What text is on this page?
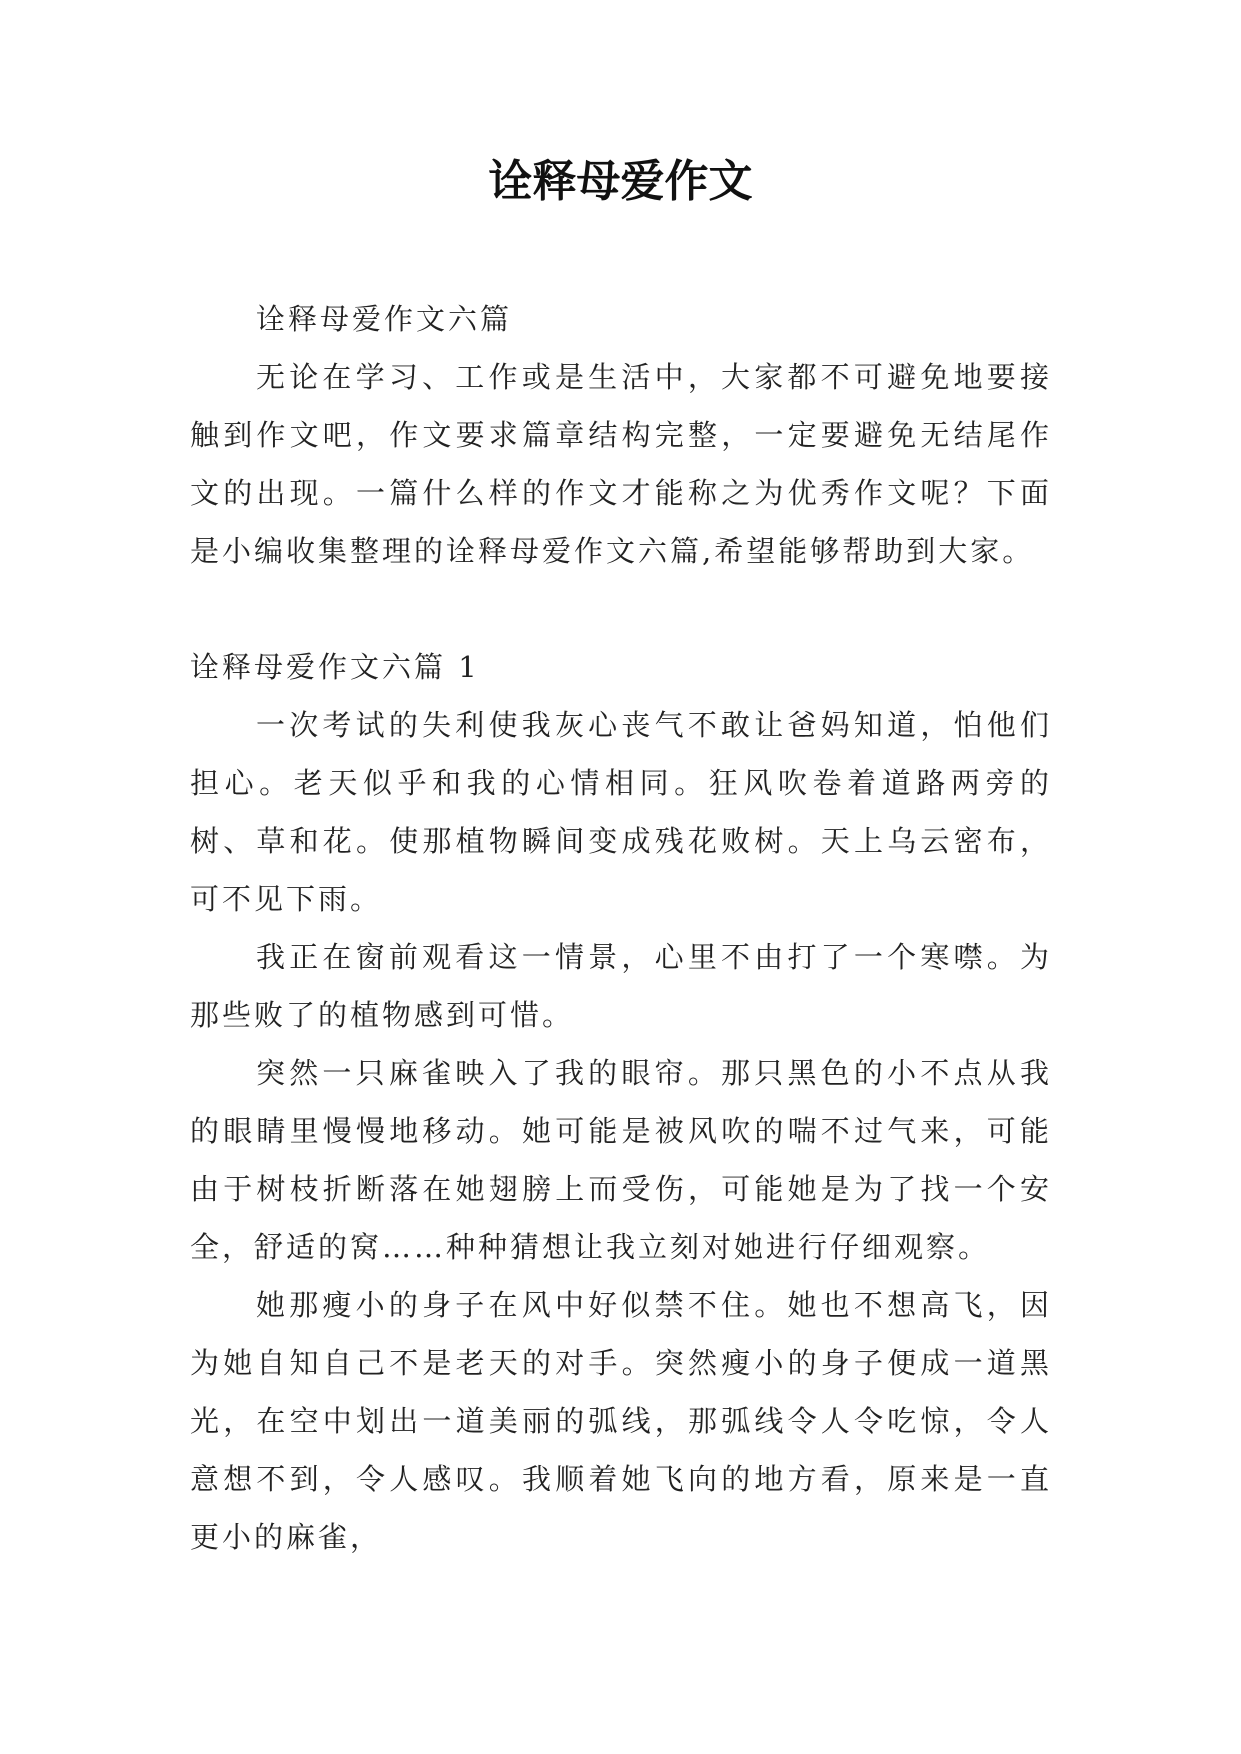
诠释母爱作文

诠释母爱作文六篇

无论在学习、工作或是生活中，大家都不可避免地要接触到作文吧，作文要求篇章结构完整，一定要避免无结尾作文的出现。一篇什么样的作文才能称之为优秀作文呢？下面是小编收集整理的诠释母爱作文六篇,希望能够帮助到大家。

诠释母爱作文六篇 1

一次考试的失利使我灰心丧气不敢让爸妈知道，怕他们担心。老天似乎和我的心情相同。狂风吹卷着道路两旁的树、草和花。使那植物瞬间变成残花败树。天上乌云密布，可不见下雨。

我正在窗前观看这一情景，心里不由打了一个寒噤。为那些败了的植物感到可惜。

突然一只麻雀映入了我的眼帘。那只黑色的小不点从我的眼睛里慢慢地移动。她可能是被风吹的喘不过气来，可能由于树枝折断落在她翅膀上而受伤，可能她是为了找一个安全，舒适的窝……种种猜想让我立刻对她进行仔细观察。

她那瘦小的身子在风中好似禁不住。她也不想高飞，因为她自知自己不是老天的对手。突然瘦小的身子便成一道黑光，在空中划出一道美丽的弧线，那弧线令人令吃惊，令人意想不到，令人感叹。我顺着她飞向的地方看，原来是一直更小的麻雀，
